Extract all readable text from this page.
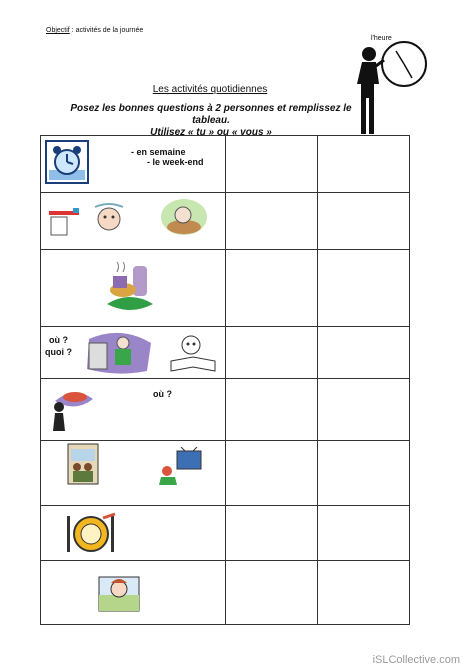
Objectif : activités de la journée
l'heure
Les activités quotidiennes
Posez les bonnes questions à 2 personnes et remplissez le tableau.
Utilisez « tu » ou « vous »
- en semaine
- le week-end		

où ?
quoi ?		

où ?		

iSLCollective.com
